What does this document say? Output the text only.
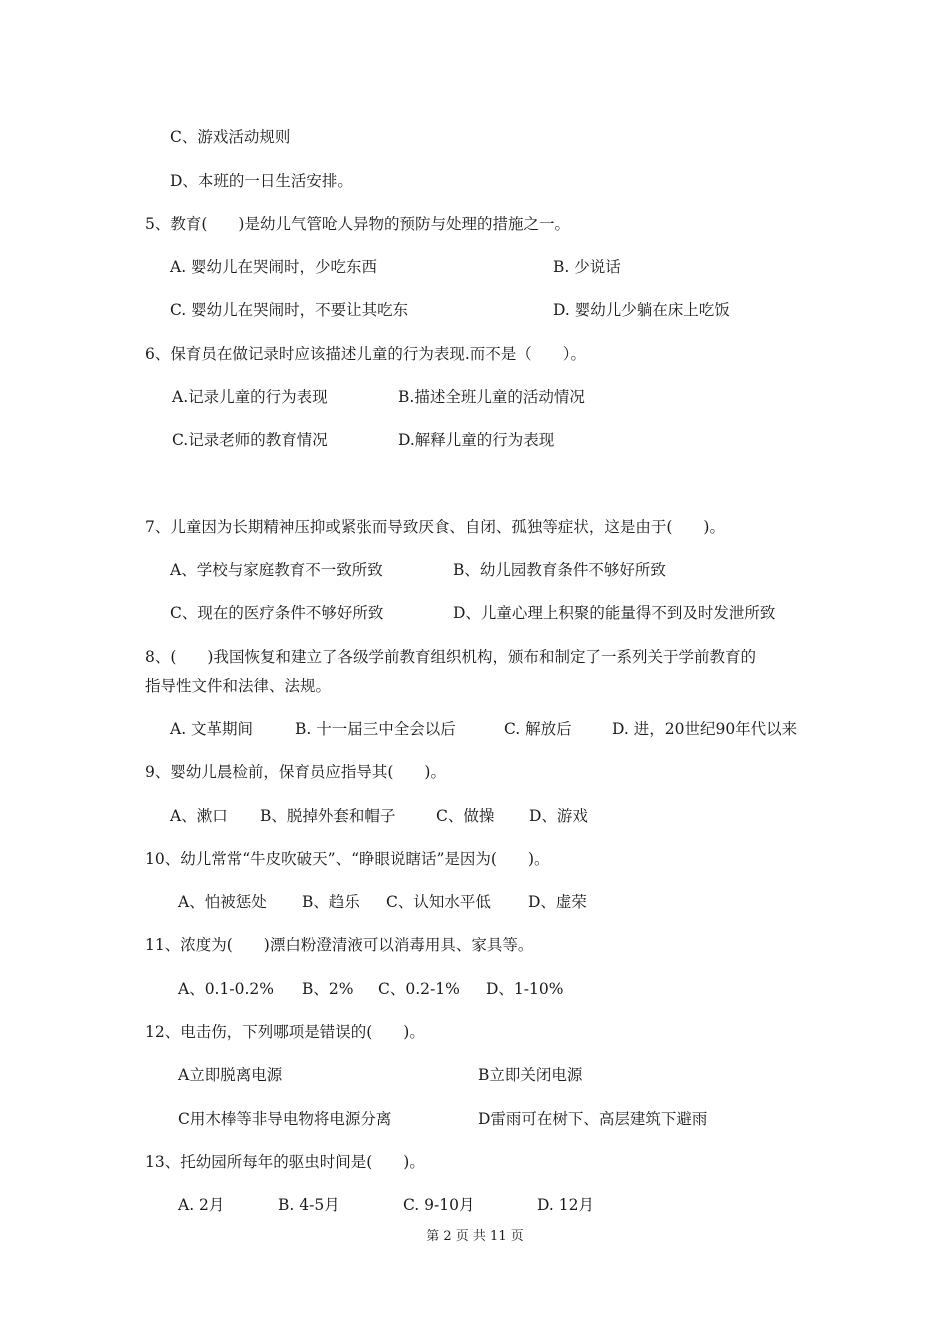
C、游戏活动规则
D、本班的一日生活安排。
5、教育(　　)是幼儿气管呛人异物的预防与处理的措施之一。
A. 婴幼儿在哭闹时，少吃东西	B. 少说话
C. 婴幼儿在哭闹时，不要让其吃东	D. 婴幼儿少躺在床上吃饭
6、保育员在做记录时应该描述儿童的行为表现.而不是（　　）。
A.记录儿童的行为表现	B.描述全班儿童的活动情况
C.记录老师的教育情况	D.解释儿童的行为表现
7、儿童因为长期精神压抑或紧张而导致厌食、自闭、孤独等症状，这是由于(　　)。
A、学校与家庭教育不一致所致	B、幼儿园教育条件不够好所致
C、现在的医疗条件不够好所致	D、儿童心理上积聚的能量得不到及时发泄所致
8、(　　)我国恢复和建立了各级学前教育组织机构，颁布和制定了一系列关于学前教育的
指导性文件和法律、法规。
A. 文革期间	B. 十一届三中全会以后	C. 解放后	D. 进，20世纪90年代以来
9、婴幼儿晨检前，保育员应指导其(　　)。
A、漱口 B、脱掉外套和帽子	C、做操 D、游戏
10、幼儿常常“牛皮吹破天”、“睁眼说瞎话”是因为(　　)。
A、怕被惩处 B、趋乐 C、认知水平低 D、虚荣
11、浓度为(　　)漂白粉澄清液可以消毒用具、家具等。
A、0.1-0.2% B、2% C、0.2-1% D、1-10%
12、电击伤，下列哪项是错误的(　　)。
A立即脱离电源	B立即关闭电源
C用木棒等非导电物将电源分离	D雷雨可在树下、高层建筑下避雨
13、托幼园所每年的驱虫时间是(　　)。
A. 2月	B. 4-5月	C. 9-10月	D. 12月
第 2 页 共 11 页
